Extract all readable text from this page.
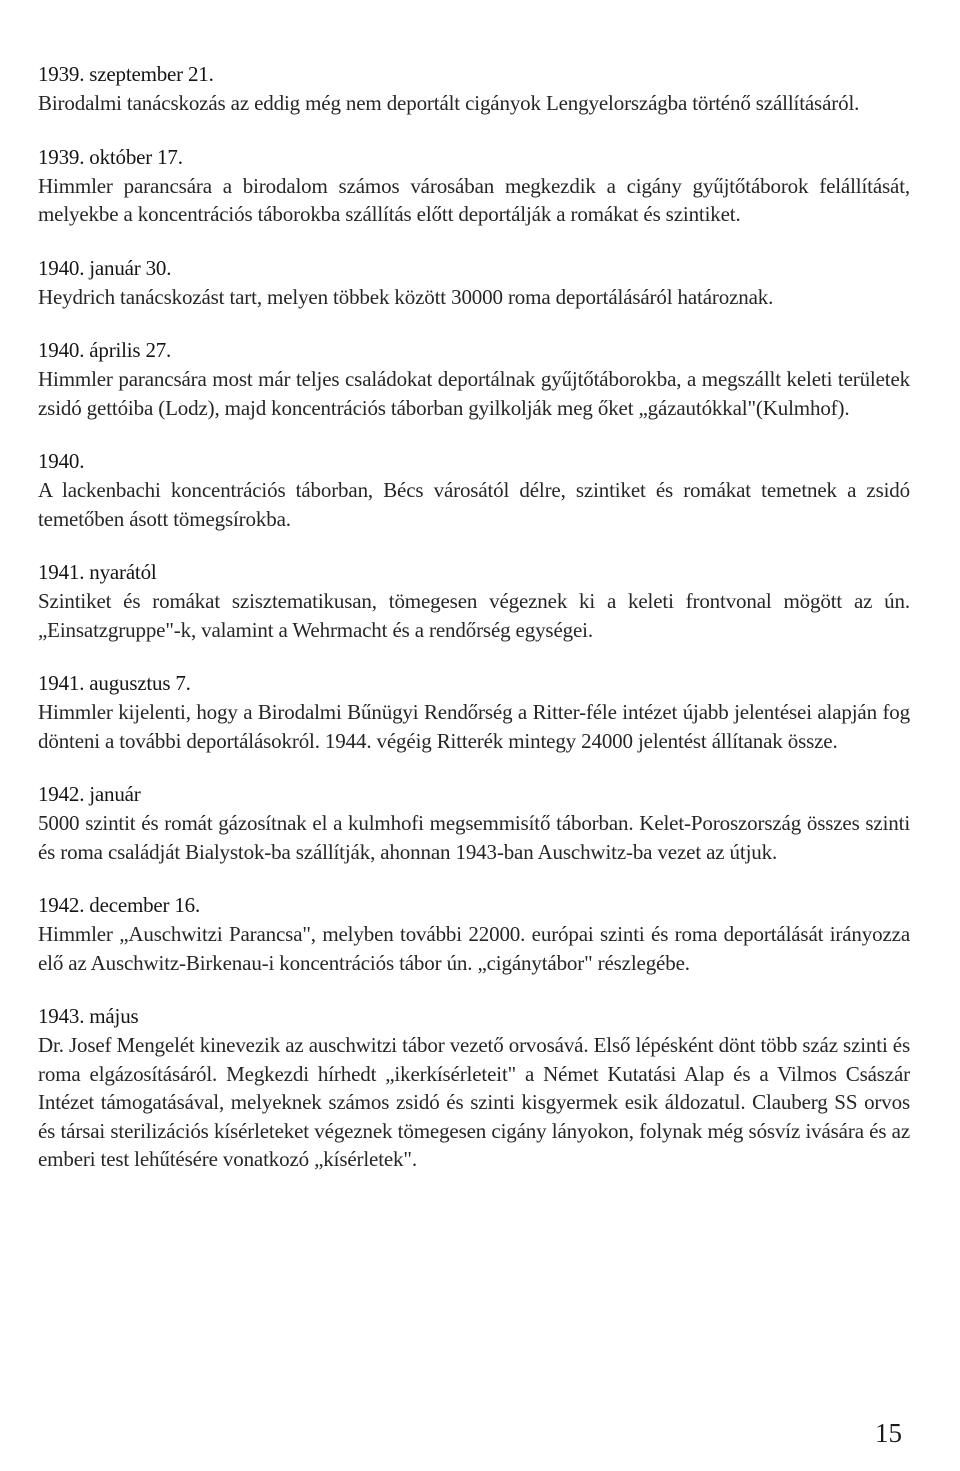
1939. szeptember 21.
Birodalmi tanácskozás az eddig még nem deportált cigányok Lengyelországba történő szállításáról.
1939. október 17.
Himmler parancsára a birodalom számos városában megkezdik a cigány gyűjtőtáborok felállítását, melyekbe a koncentrációs táborokba szállítás előtt deportálják a romákat és szintiket.
1940. január 30.
Heydrich tanácskozást tart, melyen többek között 30000 roma deportálásáról határoznak.
1940. április 27.
Himmler parancsára most már teljes családokat deportálnak gyűjtőtáborokba, a megszállt keleti területek zsidó gettóiba (Lodz), majd koncentrációs táborban gyilkolják meg őket „gázautókkal"(Kulmhof).
1940.
A lackenbachi koncentrációs táborban, Bécs városától délre, szintiket és romákat temetnek a zsidó temetőben ásott tömegsírokba.
1941. nyarától
Szintiket és romákat szisztematikusan, tömegesen végeznek ki a keleti frontvonal mögött az ún. „Einsatzgruppe"-k, valamint a Wehrmacht és a rendőrség egységei.
1941. augusztus 7.
Himmler kijelenti, hogy a Birodalmi Bűnügyi Rendőrség a Ritter-féle intézet újabb jelentései alapján fog dönteni a további deportálásokról. 1944. végéig Ritterék mintegy 24000 jelentést állítanak össze.
1942. január
5000 szintit és romát gázosítnak el a kulmhofi megsemmisítő táborban. Kelet-Poroszország összes szinti és roma családját Bialystok-ba szállítják, ahonnan 1943-ban Auschwitz-ba vezet az útjuk.
1942. december 16.
Himmler „Auschwitzi Parancsa", melyben további 22000. európai szinti és roma deportálását irányozza elő az Auschwitz-Birkenau-i koncentrációs tábor ún. „cigánytábor" részlegébe.
1943. május
Dr. Josef Mengelét kinevezik az auschwitzi tábor vezető orvosává. Első lépésként dönt több száz szinti és roma elgázosításáról. Megkezdi hírhedt „ikerkísérleteit" a Német Kutatási Alap és a Vilmos Császár Intézet támogatásával, melyeknek számos zsidó és szinti kisgyermek esik áldozatul. Clauberg SS orvos és társai sterilizációs kísérleteket végeznek tömegesen cigány lányokon, folynak még sósvíz ivására és az emberi test lehűtésére vonatkozó „kísérletek".
15
